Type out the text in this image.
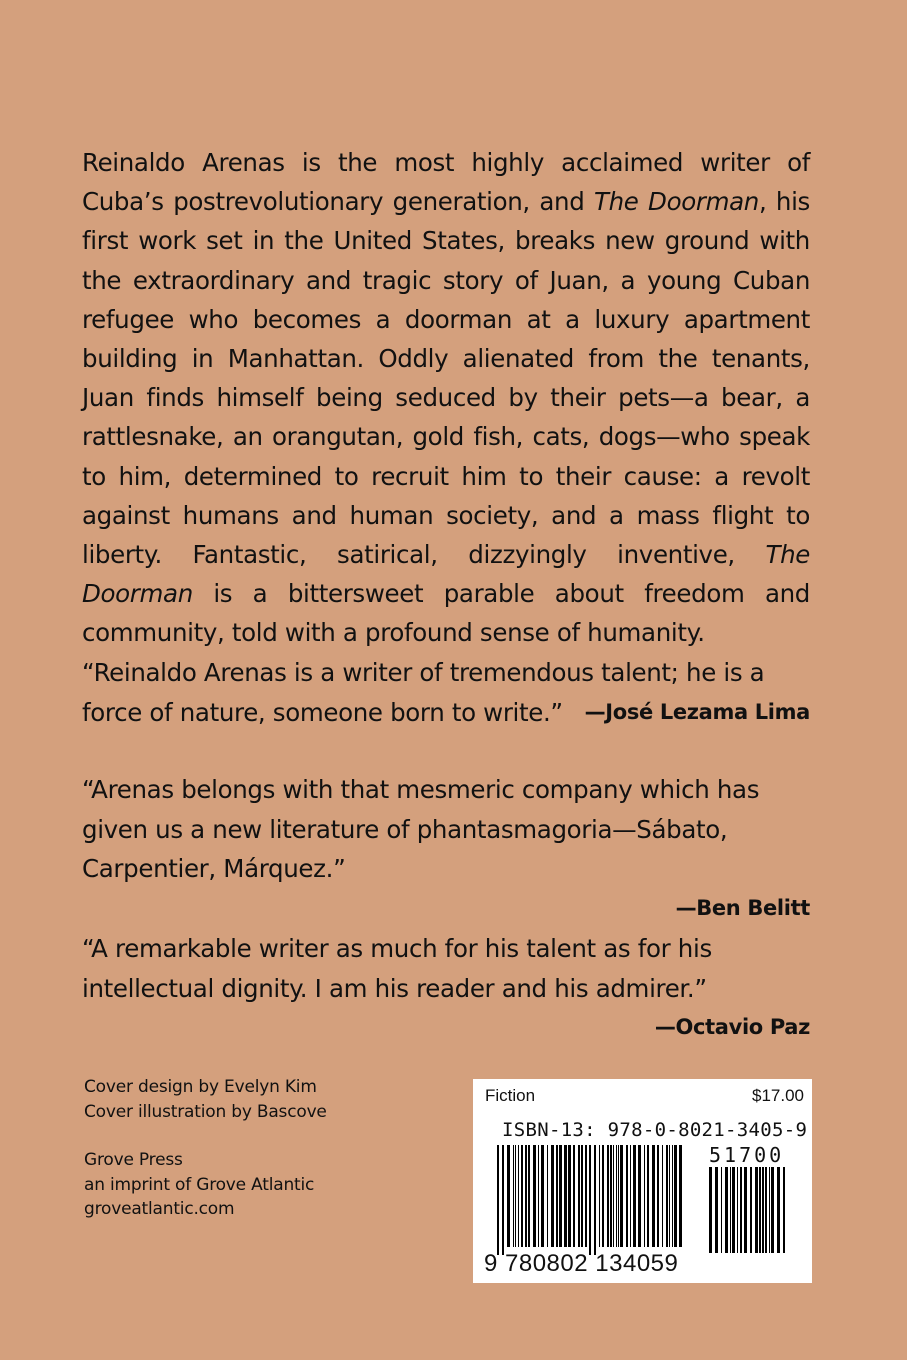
Reinaldo Arenas is the most highly acclaimed writer of Cuba’s postrevolutionary generation, and The Doorman, his first work set in the United States, breaks new ground with the extraordinary and tragic story of Juan, a young Cuban refugee who becomes a doorman at a luxury apartment building in Manhattan. Oddly alienated from the tenants, Juan finds himself being seduced by their pets—a bear, a rattlesnake, an orangutan, gold fish, cats, dogs—who speak to him, determined to recruit him to their cause: a revolt against humans and human society, and a mass flight to liberty. Fantastic, satirical, dizzyingly inventive, The Doorman is a bittersweet parable about freedom and community, told with a profound sense of humanity.

“Reinaldo Arenas is a writer of tremendous talent; he is a force of nature, someone born to write.” —José Lezama Lima
“Arenas belongs with that mesmeric company which has given us a new literature of phantasmagoria—Sábato, Carpentier, Márquez.”
—Ben Belitt
“A remarkable writer as much for his talent as for his intellectual dignity. I am his reader and his admirer.”
—Octavio Paz
Cover design by Evelyn Kim
Cover illustration by Bascove
Grove Press
an imprint of Grove Atlantic
groveatlantic.com
Fiction	$17.00
ISBN-13: 978-0-8021-3405-9
51700
9 780802 134059
